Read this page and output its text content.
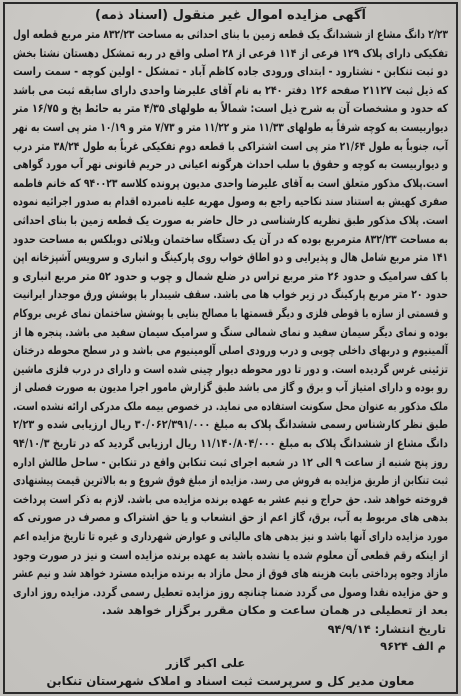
آگهی مزایده اموال غیر منقول (اسناد ذمه)
۲/۲۳ دانگ مشاع از ششدانگ یک قطعه زمین با بنای احداثی به مساحت ۸۳۲/۲۳ متر مربع قطعه اول
تفکیکی دارای پلاک ۱۲۹ فرعی از ۱۱۴ فرعی از ۲۸ اصلی واقع در ربه تمشکل دهستان نشتا بخش
دو ثبت تنکابن - نشتارود - ابتدای ورودی جاده کاظم آباد - تمشکل - اولین کوچه - سمت راست
که ذیل ثبت ۲۱۱۲۷ صفحه ۱۲۶ دفتر ۲۴۰ به نام آقای علیرضا واحدی دارای سابقه ثبت می باشد
که حدود و مشخصات آن به شرح ذیل است: شمالاً به طولهای ۴/۳۵ متر به حائط پخ و ۱۶/۷۵ متر
دیواربیست به کوچه شرقاً به طولهای ۱۱/۳۳ متر و ۱۱/۲۲ متر و ۷/۷۳ متر و ۱۰/۱۹ متر پی است به نهر
آب، جنوباً به طول ۲۱/۶۴ متر پی است اشتراکی با قطعه دوم تفکیکی غرباً به طول ۳۸/۲۴ متر درب
و دیواربیست به کوچه و حقوق با سلب احداث هرگونه اعیانی در حریم قانونی نهر آب مورد گواهی
است.پلاک مذکور متعلق است به آقای علیرضا واحدی مدیون پرونده کلاسه ۹۴۰۰۲۳ که خانم فاطمه
صفری کهیش به استناد سند نکاحیه راجع به وصول مهریه علیه نامبرده اقدام به صدور اجرائیه نموده
است. پلاک مذکور طبق نظریه کارشناسی در حال حاضر به صورت یک قطعه زمین با بنای احداثی
به مساحت ۸۳۲/۲۳ مترمربع بوده که در آن یک دستگاه ساختمان ویلائی دوبلکس به مساحت حدود
۱۴۱ متر مربع شامل هال و پذیرایی و دو اطاق خواب روی پارکینگ و انباری و سرویس آشپزخانه اپن
با کف سرامیک و حدود ۲۶ متر مربع تراس در ضلع شمال و چوب و حدود ۵۲ متر مربع انباری و
حدود ۲۰ متر مربع پارکینگ در زیر خواب ها می باشد. سقف شیبدار با پوشش ورق موجدار ایرانیت
و قسمتی از سازه با قوطی فلزی و دیگر قسمتها با مصالح بنایی با پوشش ساختمان نمای غربی بروکام
بوده و نمای دیگر سیمان سفید و نمای شمالی سنگ و سرامیک سیمان سفید می باشد. پنجره ها از
آلمینیوم و دربهای داخلی چوبی و درب ورودی اصلی آلومینیوم می باشد و در سطح محوطه درختان
تزئینی غرس گردیده است. و دور تا دور محوطه دیوار چینی شده است و دارای در درب فلزی ماشین
رو بوده و دارای امتیاز آب و برق و گاز می باشد طبق گزارش مامور اجرا مدیون به صورت فصلی از
ملک مذکور به عنوان محل سکونت استفاده می نماید. در خصوص بیمه ملک مدرکی ارائه نشده است.
طبق نظر کارشناس رسمی ششدانگ پلاک به مبلغ ۳۰/۰۶۲/۳۹۱/۰۰۰ ریال ارزیابی شده و ۲/۲۳
دانگ مشاع از ششدانگ پلاک به مبلغ ۱۱/۱۴۰/۸۰۴/۰۰۰ ریال ارزیابی گردید که در تاریخ ۹۴/۱۰/۳
روز پنج شنبه از ساعت ۹ الی ۱۲ در شعبه اجرای ثبت تنکابن واقع در تنکابن - ساحل طالش اداره
ثبت تنکابن از طریق مزایده به فروش می رسد. مزایده از مبلغ فوق شروع و به بالاترین قیمت پیشنهادی
فروخته خواهد شد. حق حراج و نیم عشر به عهده برنده مزایده می باشد. لازم به ذکر است پرداخت
بدهی های مربوط به آب، برق، گاز اعم از حق انشعاب و یا حق اشتراک و مصرف در صورتی که
مورد مزایده دارای آنها باشد و نیز بدهی های مالیاتی و عوارض شهرداری و غیره تا تاریخ مزایده اعم
از اینکه رقم قطعی آن معلوم شده یا نشده باشد به عهده برنده مزایده است و نیز در صورت وجود
مازاد وجوه پرداختی بابت هزینه های فوق از محل مازاد به برنده مزایده مسترد خواهد شد و نیم عشر
و حق مزایده نقدا وصول می گردد ضمنا چنانچه روز مزایده تعطیل رسمی گردد. مزایده روز اداری
بعد از تعطیلی در همان ساعت و مکان مقرر برگزار خواهد شد.
تاریخ انتشار: ۹۴/۹/۱۴
م الف ۹۶۲۴
علی اکبر گازر
معاون مدیر کل و سرپرست ثبت اسناد و املاک شهرستان تنکابن
